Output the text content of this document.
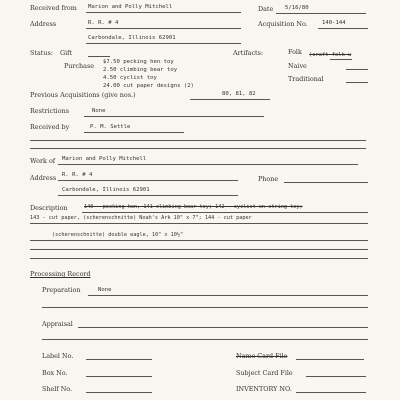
Received from Marion and Polly Mitchell	Date 5/16/80
Address	R. R. # 4	Acquisition No.	140-144
Carbondale, Illinois 62901
Status: Gift
Purchase $7.50 pecking hen toy
2.50 climbing bear toy
4.50 cyclist toy
24.00 cut paper designs (2)
Artifacts:	Folk (craft folk w
Naive
Traditional
Previous Acquisitions (give nos.)	80, 81, 82
Restrictions	None
Received by	P. M. Settle
Work of Marion and Polly Mitchell
Address R. R. # 4	Phone
Carbondale, Illinois 62901
Description	140 - pecking hen, 141 climbing bear toy; 142 - cyclist on string toy;
143 - cut paper, (scherenschnitte) Noah's Ark 10" x 7"; 144 - cut paper
(scherenschnitte) double eagle, 10" x 10½"
Processing Record
Preparation	None
Appraisal
Label No.	Name Card File
Box No.	Subject Card File
Shelf No.	INVENTORY NO.
